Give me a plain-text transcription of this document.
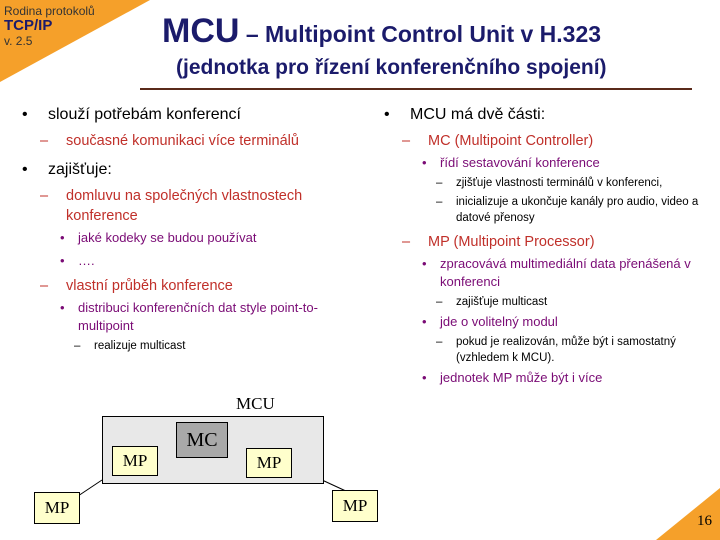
Rodina protokolů
TCP/IP
v. 2.5	MCU – Multipoint Control Unit v H.323
(jednotka pro řízení konferenčního spojení)
• slouží potřebám konferencí
– současné komunikaci více terminálů
• zajišťuje:
– domluvu na společných vlastnostech konference
• jaké kodeky se budou používat
• ….
– vlastní průběh konference
• distribuci konferenčních dat style point-to-multipoint
– realizuje multicast
• MCU má dvě části:
– MC (Multipoint Controller)
• řídí sestavování konference
– zjišťuje vlastnosti terminálů v konferenci,
– inicializuje a ukončuje kanály pro audio, video a datové přenosy
– MP (Multipoint Processor)
• zpracovává multimediální data přenášená v konferenci
– zajišťuje multicast
• jde o volitelný modul
– pokud je realizován, může být i samostatný (vzhledem k MCU).
• jednotek MP může být i více
MCU
MC
MP	MP
MP	MP
16
